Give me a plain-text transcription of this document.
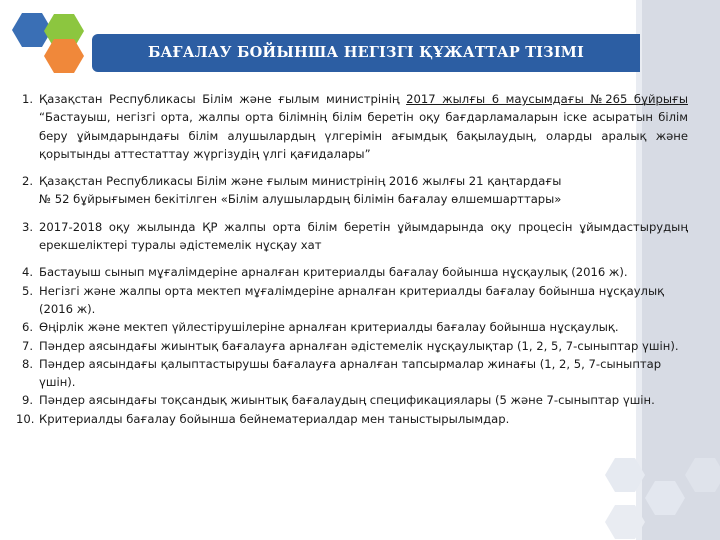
БАҒАЛАУ БОЙЫНША НЕГІЗГІ ҚҰЖАТТАР ТІЗІМІ
1. Қазақстан Республикасы Білім және ғылым министрінің 2017 жылғы 6 маусымдағы №265 бұйрығы “Бастауыш, негізгі орта, жалпы орта білімнің білім беретін оқу бағдарламаларын іске асыратын білім беру ұйымдарындағы білім алушылардың үлгерімін ағымдық бақылаудың, оларды аралық және қорытынды аттестаттау жүргізудің үлгі қағидалары”
2. Қазақстан Республикасы Білім және ғылым министрінің 2016 жылғы 21 қаңтардағы
№ 52 бұйрығымен бекітілген «Білім алушылардың білімін бағалау өлшемшарттары»
3. 2017-2018 оқу жылында ҚР жалпы орта білім беретін ұйымдарында оқу процесін ұйымдастырудың ерекшеліктері туралы әдістемелік нұсқау хат
4. Бастауыш сынып мұғалімдеріне арналған критериалды бағалау бойынша нұсқаулық (2016 ж).
5. Негізгі және жалпы орта мектеп мұғалімдеріне арналған критериалды бағалау бойынша нұсқаулық (2016 ж).
6. Өңірлік және мектеп үйлестірушілеріне арналған критериалды бағалау бойынша нұсқаулық.
7. Пәндер аясындағы жиынтық бағалауға арналған әдістемелік нұсқаулықтар (1, 2, 5, 7-сыныптар үшін).
8. Пәндер аясындағы қалыптастырушы бағалауға арналған тапсырмалар жинағы (1, 2, 5, 7-сыныптар үшін).
9. Пәндер аясындағы тоқсандық жиынтық бағалаудың спецификациялары (5 және 7-сыныптар үшін.
10. Критериалды бағалау бойынша бейнематериалдар мен таныстырылымдар.
